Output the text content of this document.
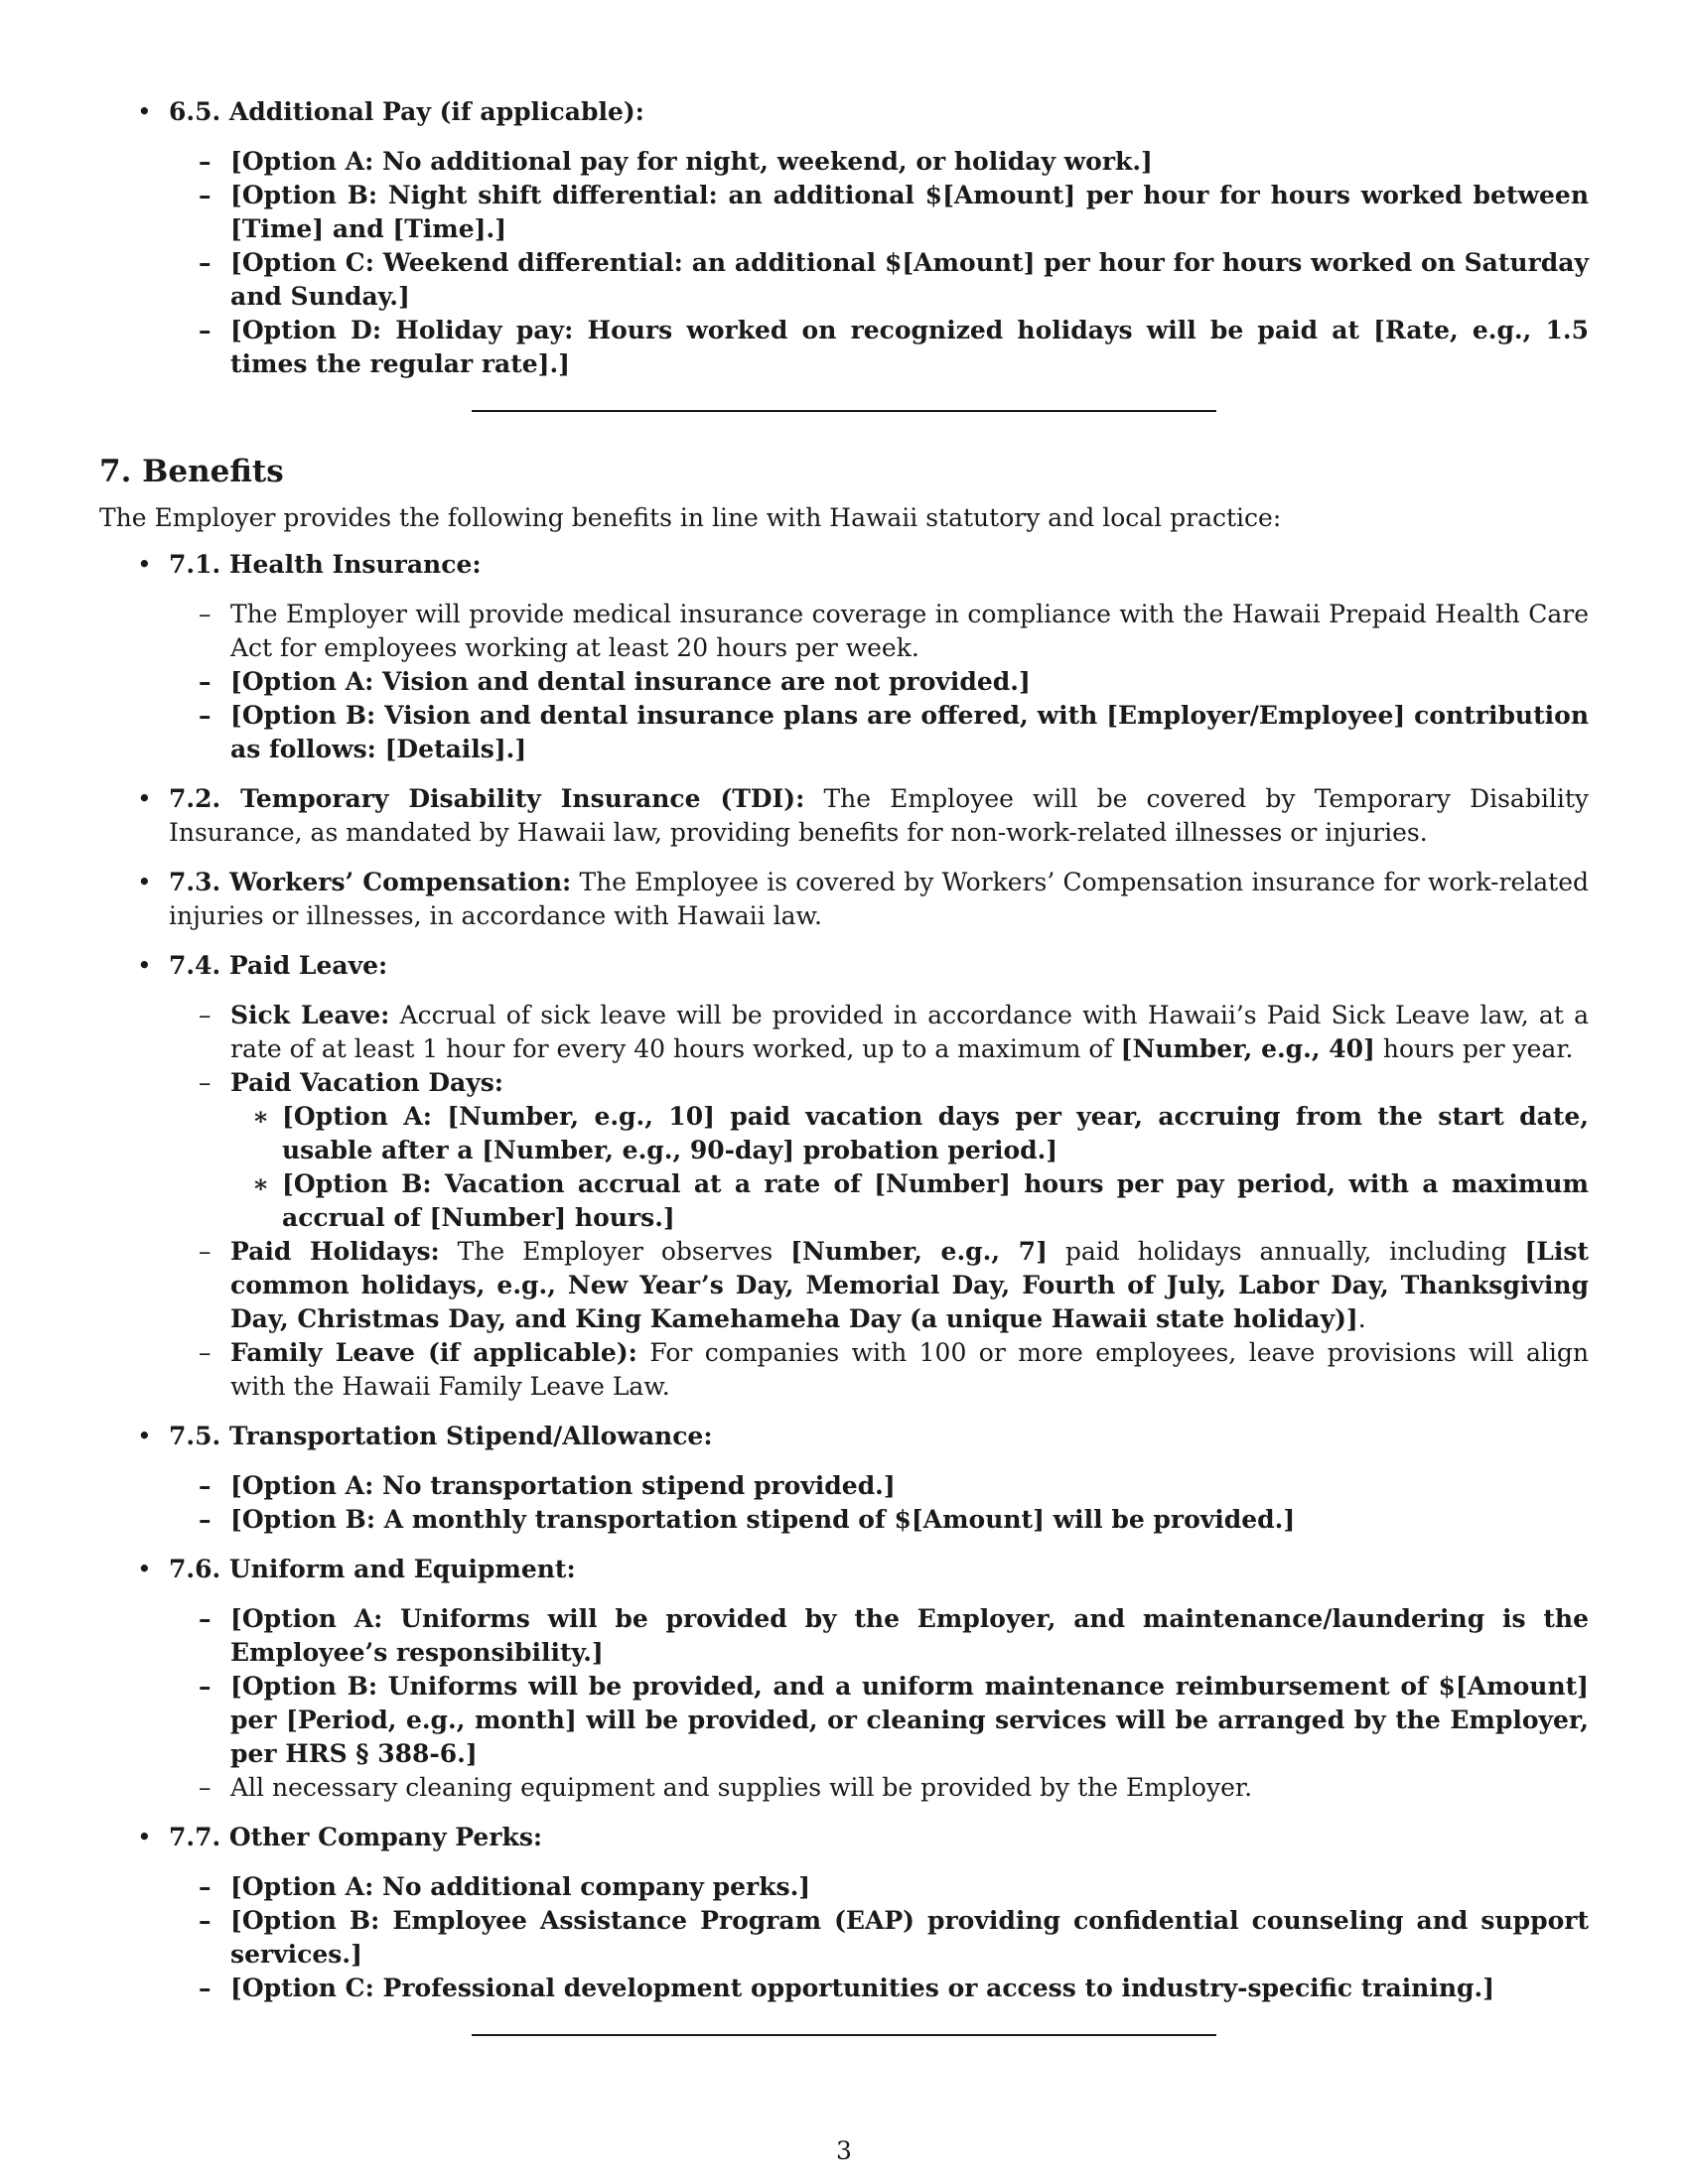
• 6.5. Additional Pay (if applicable):
– [Option A: No additional pay for night, weekend, or holiday work.]
– [Option B: Night shift differential: an additional $[Amount] per hour for hours worked between [Time] and [Time].]
– [Option C: Weekend differential: an additional $[Amount] per hour for hours worked on Saturday and Sunday.]
– [Option D: Holiday pay: Hours worked on recognized holidays will be paid at [Rate, e.g., 1.5 times the regular rate].]
7. Benefits

The Employer provides the following benefits in line with Hawaii statutory and local practice:

• 7.1. Health Insurance:
– The Employer will provide medical insurance coverage in compliance with the Hawaii Prepaid Health Care Act for employees working at least 20 hours per week.
– [Option A: Vision and dental insurance are not provided.]
– [Option B: Vision and dental insurance plans are offered, with [Employer/Employee] contribution as follows: [Details].]
• 7.2. Temporary Disability Insurance (TDI): The Employee will be covered by Temporary Disability Insurance, as mandated by Hawaii law, providing benefits for non-work-related illnesses or injuries.
• 7.3. Workers’ Compensation: The Employee is covered by Workers’ Compensation insurance for work-related injuries or illnesses, in accordance with Hawaii law.
• 7.4. Paid Leave:
– Sick Leave: Accrual of sick leave will be provided in accordance with Hawaii’s Paid Sick Leave law, at a rate of at least 1 hour for every 40 hours worked, up to a maximum of [Number, e.g., 40] hours per year.
– Paid Vacation Days:
∗ [Option A: [Number, e.g., 10] paid vacation days per year, accruing from the start date, usable after a [Number, e.g., 90-day] probation period.]
∗ [Option B: Vacation accrual at a rate of [Number] hours per pay period, with a maximum accrual of [Number] hours.]
– Paid Holidays: The Employer observes [Number, e.g., 7] paid holidays annually, including [List common holidays, e.g., New Year’s Day, Memorial Day, Fourth of July, Labor Day, Thanksgiving Day, Christmas Day, and King Kamehameha Day (a unique Hawaii state holiday)].
– Family Leave (if applicable): For companies with 100 or more employees, leave provisions will align with the Hawaii Family Leave Law.
• 7.5. Transportation Stipend/Allowance:
– [Option A: No transportation stipend provided.]
– [Option B: A monthly transportation stipend of $[Amount] will be provided.]
• 7.6. Uniform and Equipment:
– [Option A: Uniforms will be provided by the Employer, and maintenance/laundering is the Employee’s responsibility.]
– [Option B: Uniforms will be provided, and a uniform maintenance reimbursement of $[Amount] per [Period, e.g., month] will be provided, or cleaning services will be arranged by the Employer, per HRS § 388-6.]
– All necessary cleaning equipment and supplies will be provided by the Employer.
• 7.7. Other Company Perks:
– [Option A: No additional company perks.]
– [Option B: Employee Assistance Program (EAP) providing confidential counseling and support services.]
– [Option C: Professional development opportunities or access to industry-specific training.]
3
